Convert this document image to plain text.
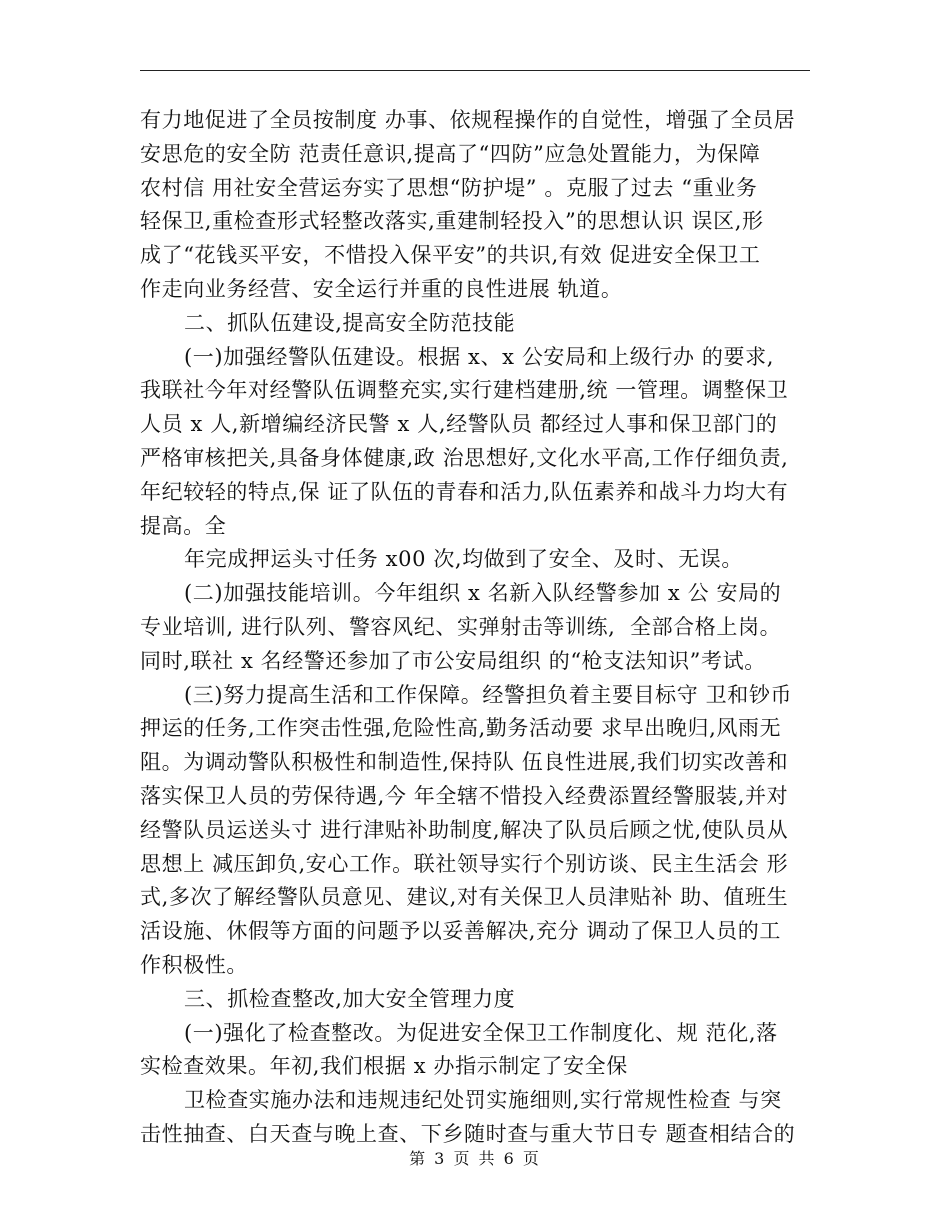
有力地促进了全员按制度 办事、依规程操作的自觉性，增强了全员居
安思危的安全防 范责任意识,提高了“四防”应急处置能力，为保障
农村信 用社安全营运夯实了思想“防护堤” 。克服了过去 “重业务
轻保卫,重检查形式轻整改落实,重建制轻投入”的思想认识 误区,形
成了“花钱买平安，不惜投入保平安”的共识,有效 促进安全保卫工
作走向业务经营、安全运行并重的良性进展 轨道。
二、抓队伍建设,提高安全防范技能
(一)加强经警队伍建设。根据 x、x 公安局和上级行办 的要求,
我联社今年对经警队伍调整充实,实行建档建册,统 一管理。调整保卫
人员 x 人,新增编经济民警 x 人,经警队员 都经过人事和保卫部门的
严格审核把关,具备身体健康,政 治思想好,文化水平高,工作仔细负责,
年纪较轻的特点,保 证了队伍的青春和活力,队伍素养和战斗力均大有
提高。全
年完成押运头寸任务 x00 次,均做到了安全、及时、无误。
(二)加强技能培训。今年组织 x 名新入队经警参加 x 公 安局的
专业培训, 进行队列、警容风纪、实弹射击等训练,  全部合格上岗。
同时,联社 x 名经警还参加了市公安局组织 的“枪支法知识”考试。
(三)努力提高生活和工作保障。经警担负着主要目标守 卫和钞币
押运的任务,工作突击性强,危险性高,勤务活动要 求早出晚归,风雨无
阻。为调动警队积极性和制造性,保持队 伍良性进展,我们切实改善和
落实保卫人员的劳保待遇,今 年全辖不惜投入经费添置经警服装,并对
经警队员运送头寸 进行津贴补助制度,解决了队员后顾之忧,使队员从
思想上 减压卸负,安心工作。联社领导实行个别访谈、民主生活会 形
式,多次了解经警队员意见、建议,对有关保卫人员津贴补 助、值班生
活设施、休假等方面的问题予以妥善解决,充分 调动了保卫人员的工
作积极性。
三、抓检查整改,加大安全管理力度
(一)强化了检查整改。为促进安全保卫工作制度化、规 范化,落
实检查效果。年初,我们根据 x 办指示制定了安全保
卫检查实施办法和违规违纪处罚实施细则,实行常规性检查 与突
击性抽查、白天查与晚上查、下乡随时查与重大节日专 题查相结合的
第 3 页 共 6 页
